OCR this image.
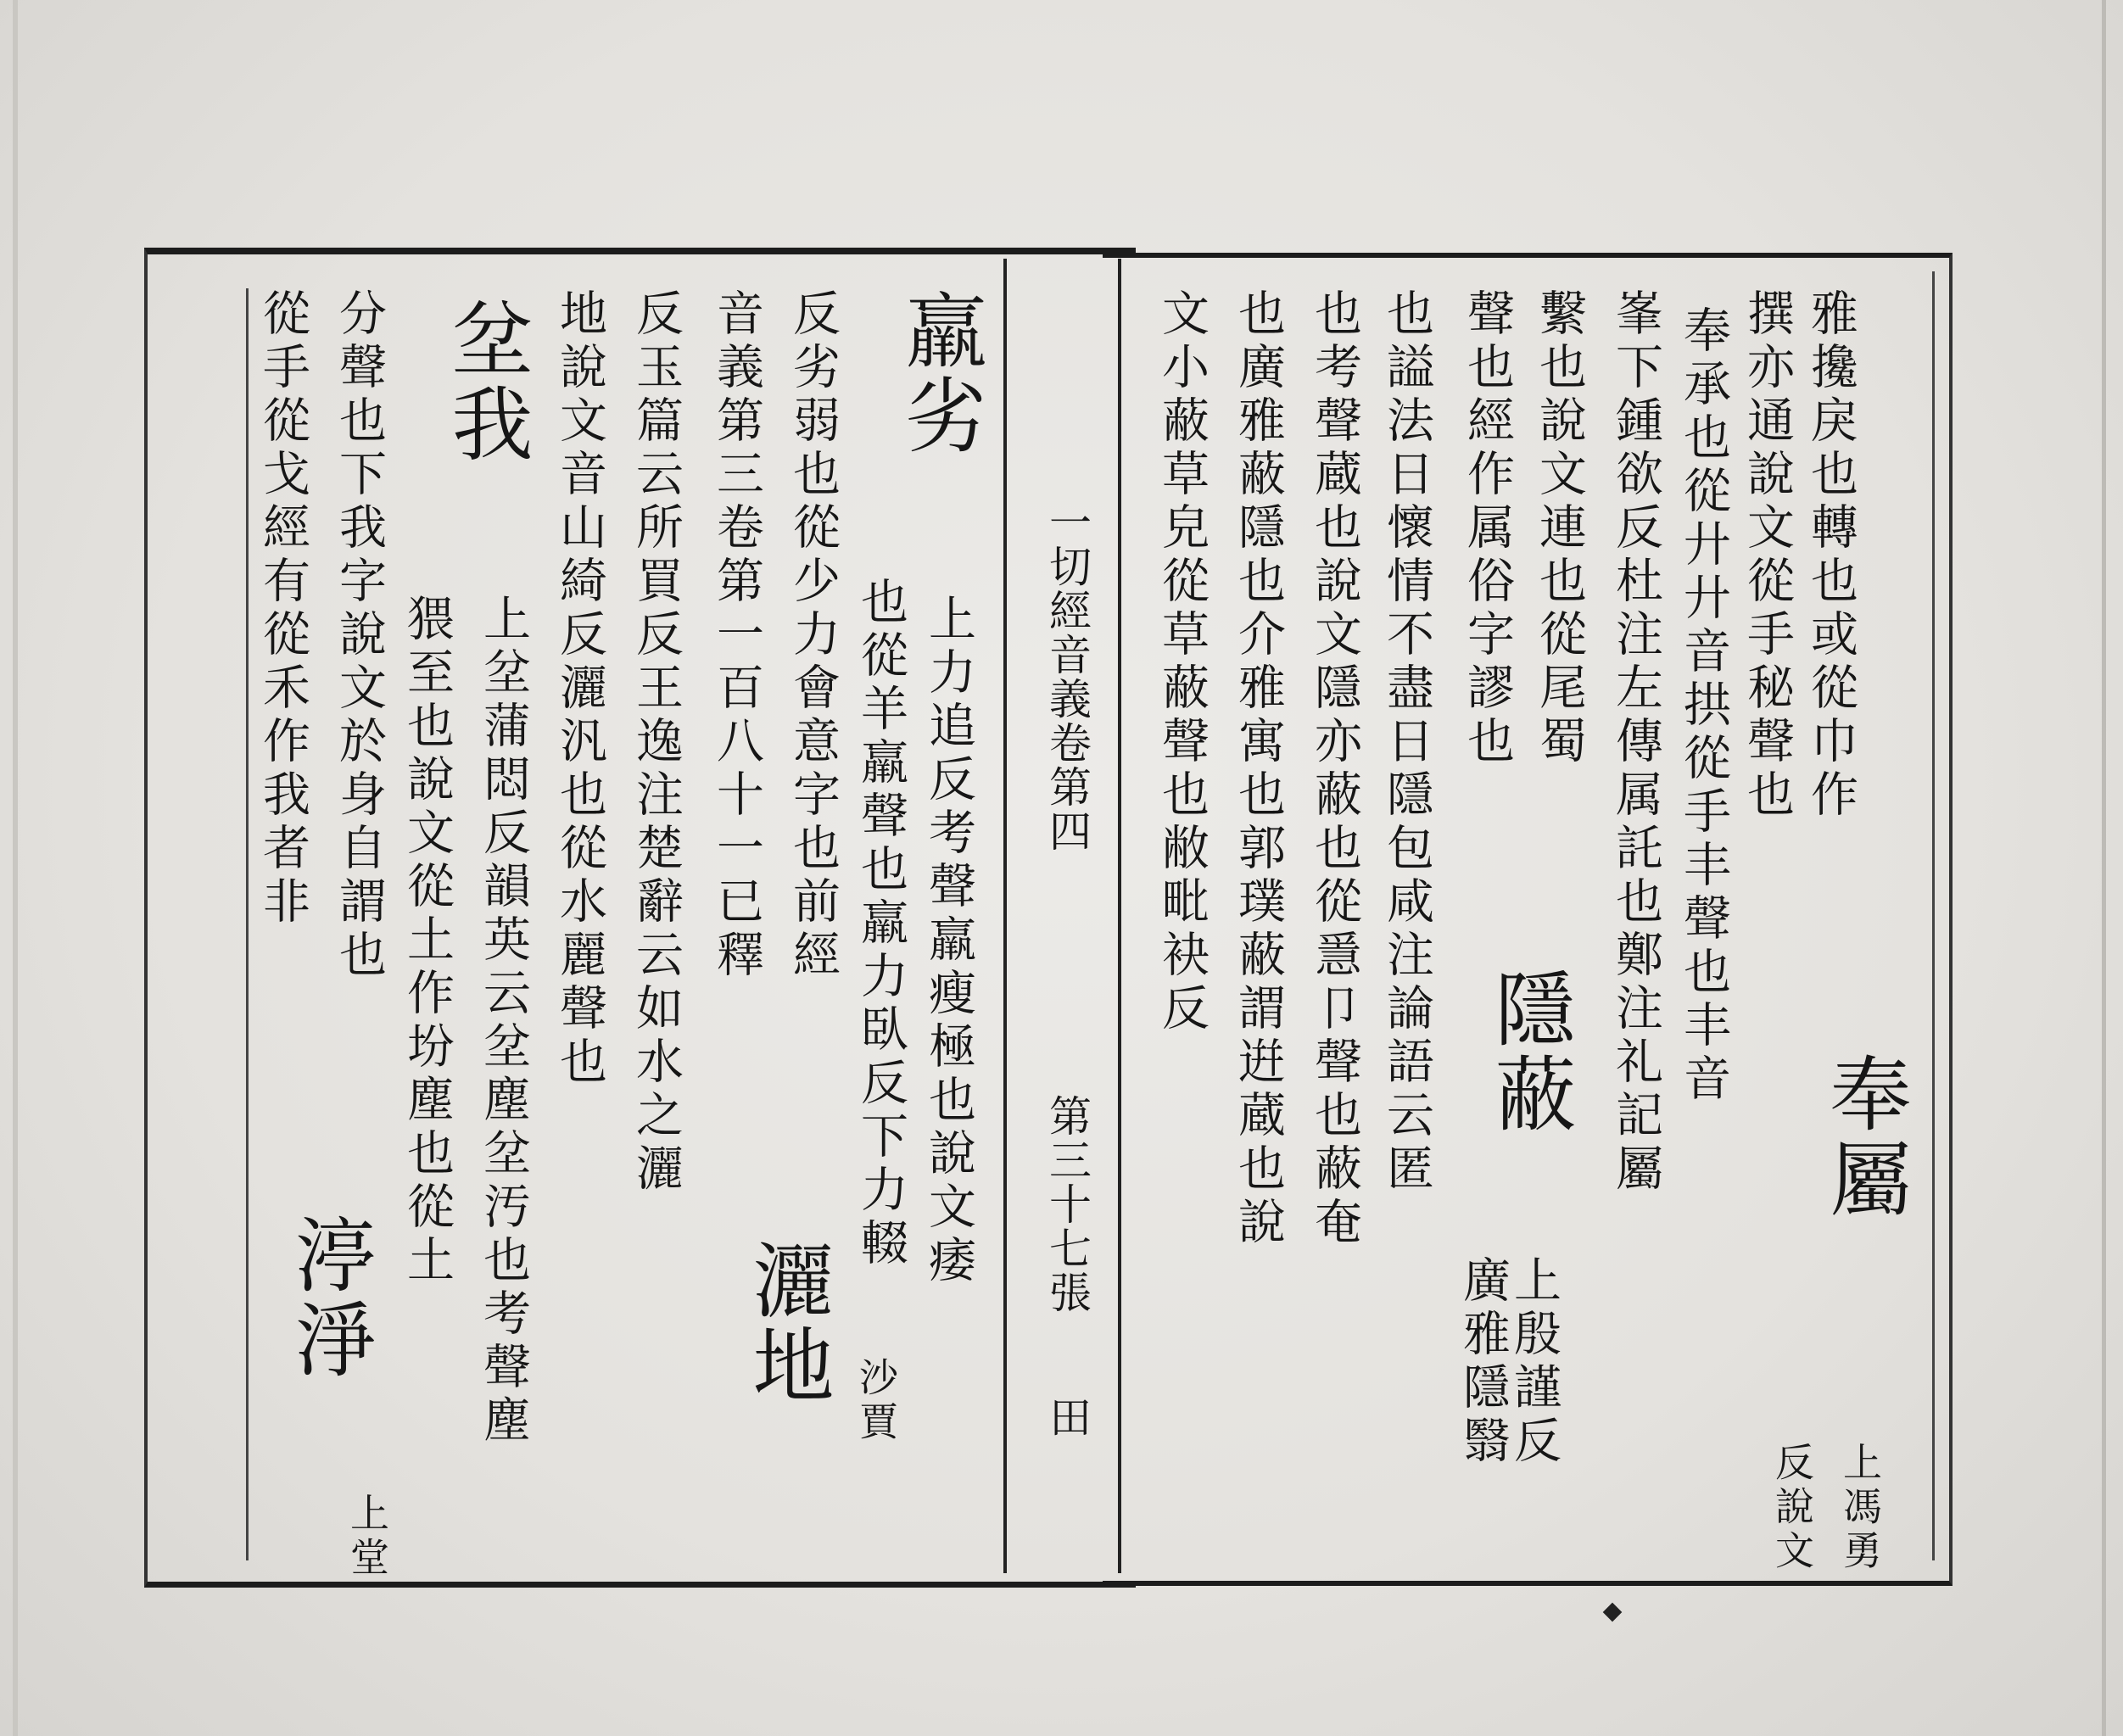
一切經音義卷第四
第三十七張
田
雅攙戾也轉也或從巾作
撰亦通說文從手秘聲也
奉屬
上馮勇
奉承也從廾廾音拱從手丰聲也丰音
反說文
峯下鍾欲反杜注左傳属託也鄭注礼記屬
繫也說文連也從尾蜀
隱蔽
上殷謹反
廣雅隱翳
聲也經作属俗字謬也
也謚法日懷情不盡日隱包咸注論語云匿
也考聲蔵也說文隱亦蔽也從㥯卩聲也蔽奄
也廣雅蔽隱也介雅寓也郭璞蔽謂逬蔵也說
文小蔽草皃從草蔽聲也敝毗袂反
羸劣
上力追反考聲羸瘦極也說文痿
也從羊羸聲也羸力臥反下力輟
反劣弱也從少力會意字也前經
音義第三卷第一百八十一已釋
灑地 沙賈
反玉篇云所買反王逸注楚辭云如水之灑
地說文音山綺反灑汎也從水麗聲也
坌我
上坌蒲悶反韻英云坌塵坌汚也考聲塵
猥至也說文從土作坋塵也從土
分聲也下我字說文於身自謂也
渟淨
上堂
從手從戈經有從禾作我者非
